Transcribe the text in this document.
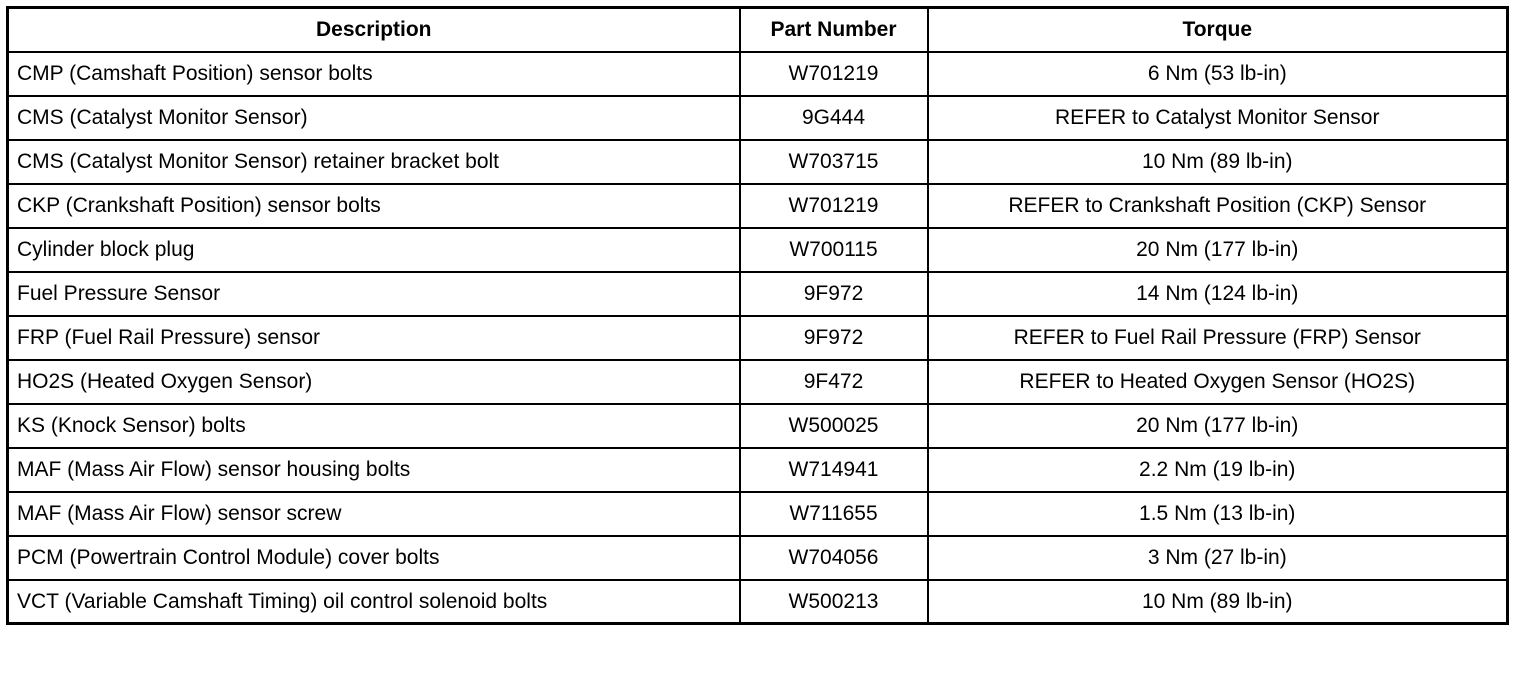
Description	Part Number	Torque
CMP (Camshaft Position) sensor bolts	W701219	6 Nm (53 lb-in)
CMS (Catalyst Monitor Sensor)	9G444	REFER to Catalyst Monitor Sensor
CMS (Catalyst Monitor Sensor) retainer bracket bolt	W703715	10 Nm (89 lb-in)
CKP (Crankshaft Position) sensor bolts	W701219	REFER to Crankshaft Position (CKP) Sensor
Cylinder block plug	W700115	20 Nm (177 lb-in)
Fuel Pressure Sensor	9F972	14 Nm (124 lb-in)
FRP (Fuel Rail Pressure) sensor	9F972	REFER to Fuel Rail Pressure (FRP) Sensor
HO2S (Heated Oxygen Sensor)	9F472	REFER to Heated Oxygen Sensor (HO2S)
KS (Knock Sensor) bolts	W500025	20 Nm (177 lb-in)
MAF (Mass Air Flow) sensor housing bolts	W714941	2.2 Nm (19 lb-in)
MAF (Mass Air Flow) sensor screw	W711655	1.5 Nm (13 lb-in)
PCM (Powertrain Control Module) cover bolts	W704056	3 Nm (27 lb-in)
VCT (Variable Camshaft Timing) oil control solenoid bolts	W500213	10 Nm (89 lb-in)
